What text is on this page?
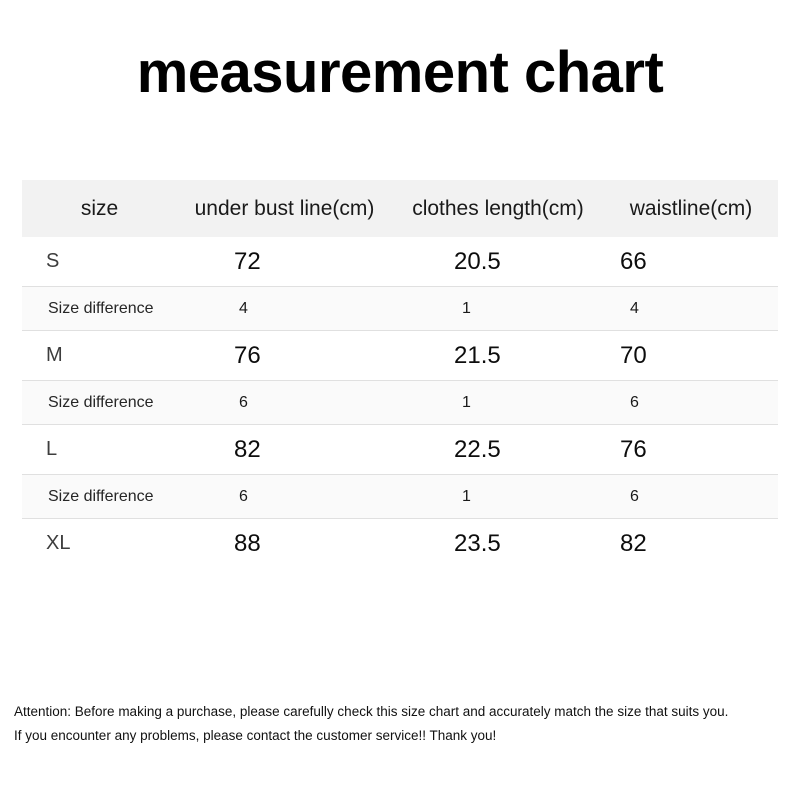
measurement chart
size	under bust line(cm)	clothes length(cm)	waistline(cm)
S	72	20.5	66
Size difference	4	1	4
M	76	21.5	70
Size difference	6	1	6
L	82	22.5	76
Size difference	6	1	6
XL	88	23.5	82
Attention: Before making a purchase, please carefully check this size chart and accurately match the size that suits you.
If you encounter any problems, please contact the customer service!! Thank you!
